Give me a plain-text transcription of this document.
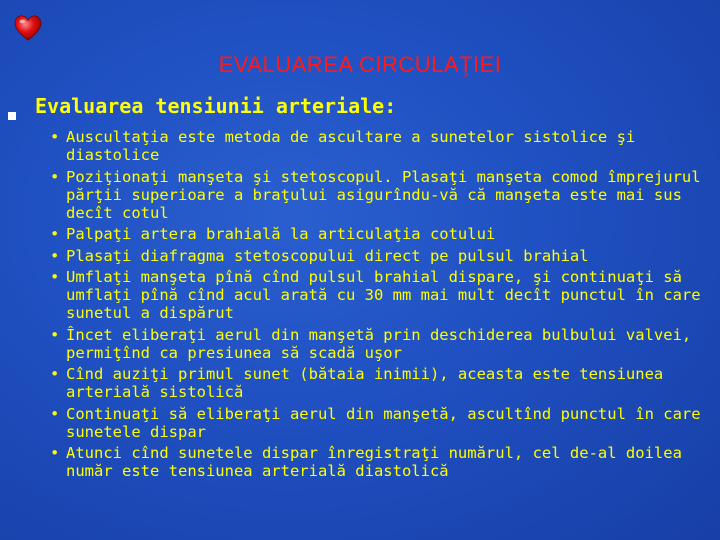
EVALUAREA CIRCULAŢIEI
Evaluarea tensiunii arteriale:
• Auscultaţia este metoda de ascultare a sunetelor sistolice şi diastolice
• Poziţionaţi manşeta şi stetoscopul. Plasaţi manşeta comod împrejurul părţii superioare a braţului asigurîndu-vă că manşeta este mai sus decît cotul
• Palpaţi artera brahială la articulaţia cotului
• Plasaţi diafragma stetoscopului direct pe pulsul brahial
• Umflaţi manşeta pînă cînd pulsul brahial dispare, şi continuaţi să umflaţi pînă cînd acul arată cu 30 mm mai mult decît punctul în care sunetul a dispărut
• Încet eliberaţi aerul din manşetă prin deschiderea bulbului valvei, permiţînd ca presiunea să scadă uşor
• Cînd auziţi primul sunet (bătaia inimii), aceasta este tensiunea arterială sistolică
• Continuaţi să eliberaţi aerul din manşetă, ascultînd punctul în care sunetele dispar
• Atunci cînd sunetele dispar înregistraţi numărul, cel de-al doilea număr este tensiunea arterială diastolică
